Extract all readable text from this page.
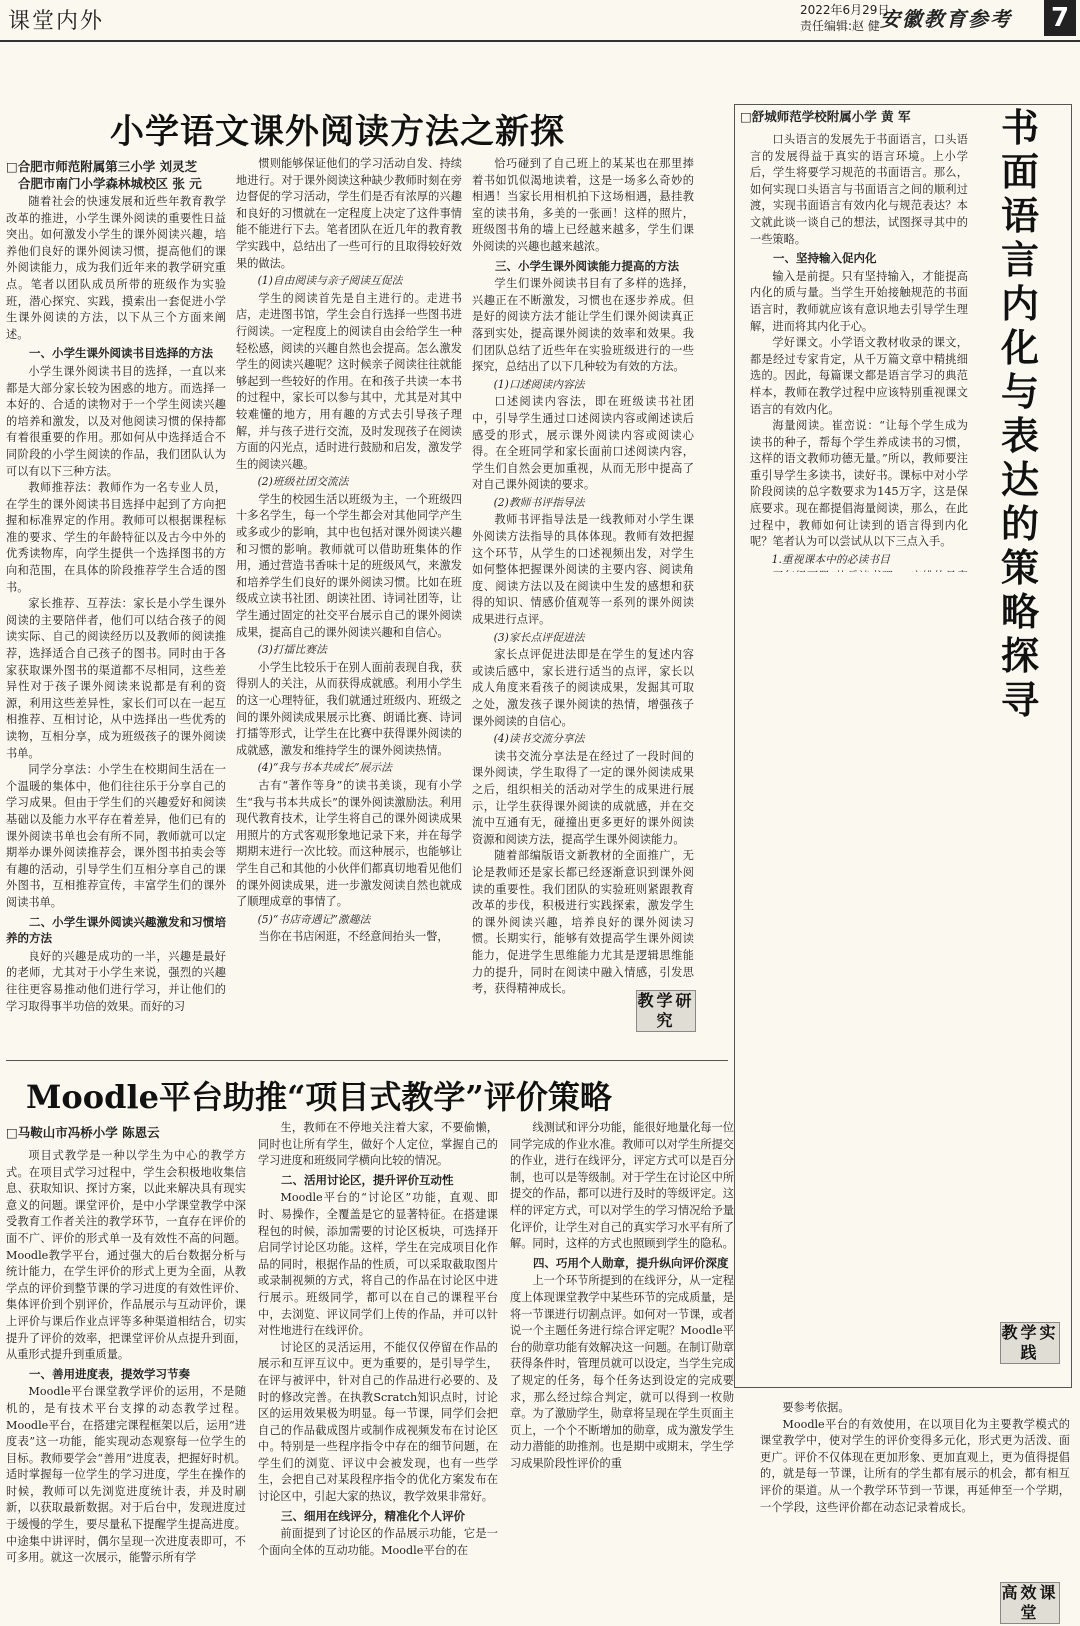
课堂内外	2022年6月29日
责任编辑:赵 健 安徽教育参考 7
小学语文课外阅读方法之新探
□合肥市师范附属第三小学 刘灵芝
合肥市南门小学森林城校区 张 元

随着社会的快速发展和近些年教育教学改革的推进，小学生课外阅读的重要性日益突出。如何激发小学生的课外阅读兴趣，培养他们良好的课外阅读习惯，提高他们的课外阅读能力，成为我们近年来的教学研究重点。笔者以团队成员所带的班级作为实验班，潜心探究、实践，摸索出一套促进小学生课外阅读的方法，以下从三个方面来阐述。

一、小学生课外阅读书目选择的方法

小学生课外阅读书目的选择，一直以来都是大部分家长较为困惑的地方。而选择一本好的、合适的读物对于一个学生阅读兴趣的培养和激发，以及对他阅读习惯的保持都有着很重要的作用。那如何从中选择适合不同阶段的小学生阅读的作品，我们团队认为可以有以下三种方法。

教师推荐法：教师作为一名专业人员，在学生的课外阅读书目选择中起到了方向把握和标准界定的作用。教师可以根据课程标准的要求、学生的年龄特征以及古今中外的优秀读物库，向学生提供一个选择图书的方向和范围，在具体的阶段推荐学生合适的图书。

家长推荐、互荐法：家长是小学生课外阅读的主要陪伴者，他们可以结合孩子的阅读实际、自己的阅读经历以及教师的阅读推荐，选择适合自己孩子的图书。同时由于各家获取课外图书的渠道都不尽相同，这些差异性对于孩子课外阅读来说都是有利的资源，利用这些差异性，家长们可以在一起互相推荐、互相讨论，从中选择出一些优秀的读物，互相分享，成为班级孩子的课外阅读书单。

同学分享法：小学生在校期间生活在一个温暖的集体中，他们往往乐于分享自己的学习成果。但由于学生们的兴趣爱好和阅读基础以及能力水平存在着差异，他们已有的课外阅读书单也会有所不同，教师就可以定期举办课外阅读推荐会，课外图书拍卖会等有趣的活动，引导学生们互相分享自己的课外图书，互相推荐宣传，丰富学生们的课外阅读书单。

二、小学生课外阅读兴趣激发和习惯培养的方法

良好的兴趣是成功的一半，兴趣是最好的老师，尤其对于小学生来说，强烈的兴趣往往更容易推动他们进行学习，并让他们的学习取得事半功倍的效果。而好的习

惯则能够保证他们的学习活动自发、持续地进行。对于课外阅读这种缺少教师时刻在旁边督促的学习活动，学生们是否有浓厚的兴趣和良好的习惯就在一定程度上决定了这件事情能不能进行下去。笔者团队在近几年的教育教学实践中，总结出了一些可行的且取得较好效果的做法。

(1)自由阅读与亲子阅读互促法

学生的阅读首先是自主进行的。走进书店，走进图书馆，学生会自行选择一些图书进行阅读。一定程度上的阅读自由会给学生一种轻松感，阅读的兴趣自然也会提高。怎么激发学生的阅读兴趣呢？这时候亲子阅读往往就能够起到一些较好的作用。在和孩子共读一本书的过程中，家长可以参与其中，尤其是对其中较难懂的地方，用有趣的方式去引导孩子理解，并与孩子进行交流，及时发现孩子在阅读方面的闪光点，适时进行鼓励和启发，激发学生的阅读兴趣。

(2)班级社团交流法

学生的校园生活以班级为主，一个班级四十多名学生，每一个学生都会对其他同学产生或多或少的影响，其中也包括对课外阅读兴趣和习惯的影响。教师就可以借助班集体的作用，通过营造书香味十足的班级风气，来激发和培养学生们良好的课外阅读习惯。比如在班级成立读书社团、朗读社团、诗词社团等，让学生通过固定的社交平台展示自己的课外阅读成果，提高自己的课外阅读兴趣和自信心。

(3)打擂比赛法

小学生比较乐于在别人面前表现自我，获得别人的关注，从而获得成就感。利用小学生的这一心理特征，我们就通过班级内、班级之间的课外阅读成果展示比赛、朗诵比赛、诗词打擂等形式，让学生在比赛中获得课外阅读的成就感，激发和维持学生的课外阅读热情。

(4)“我与书本共成长”展示法

古有“著作等身”的读书美谈，现有小学生“我与书本共成长”的课外阅读激励法。利用现代教育技术，让学生将自己的课外阅读成果用照片的方式客观形象地记录下来，并在每学期期末进行一次比较。而这种展示，也能够让学生自己和其他的小伙伴们都真切地看见他们的课外阅读成果，进一步激发阅读自然也就成了顺理成章的事情了。

(5)“书店奇遇记”激趣法

当你在书店闲逛，不经意间抬头一瞥，

恰巧碰到了自己班上的某某也在那里捧着书如饥似渴地读着，这是一场多么奇妙的相遇！当家长用相机拍下这场相遇，悬挂教室的读书角，多美的一张画！这样的照片，班级图书角的墙上已经越来越多，学生们课外阅读的兴趣也越来越浓。

三、小学生课外阅读能力提高的方法

学生们课外阅读书目有了多样的选择，兴趣正在不断激发，习惯也在逐步养成。但是好的阅读方法才能让学生们课外阅读真正落到实处，提高课外阅读的效率和效果。我们团队总结了近些年在实验班级进行的一些探究，总结出了以下几种较为有效的方法。

(1)口述阅读内容法

口述阅读内容法，即在班级读书社团中，引导学生通过口述阅读内容或阐述读后感受的形式，展示课外阅读内容或阅读心得。在全班同学和家长面前口述阅读内容，学生们自然会更加重视，从而无形中提高了对自己课外阅读的要求。

(2)教师书评指导法

教师书评指导法是一线教师对小学生课外阅读方法指导的具体体现。教师有效把握这个环节，从学生的口述视频出发，对学生如何整体把握课外阅读的主要内容、阅读角度、阅读方法以及在阅读中生发的感想和获得的知识、情感价值观等一系列的课外阅读成果进行点评。

(3)家长点评促进法

家长点评促进法即是在学生的复述内容或读后感中，家长进行适当的点评，家长以成人角度来看孩子的阅读成果，发掘其可取之处，激发孩子课外阅读的热情，增强孩子课外阅读的自信心。

(4)读书交流分享法

读书交流分享法是在经过了一段时间的课外阅读，学生取得了一定的课外阅读成果之后，组织相关的活动对学生的成果进行展示，让学生获得课外阅读的成就感，并在交流中互通有无，碰撞出更多更好的课外阅读资源和阅读方法，提高学生课外阅读能力。

随着部编版语文新教材的全面推广，无论是教师还是家长都已经逐渐意识到课外阅读的重要性。我们团队的实验班则紧跟教育改革的步伐，积极进行实践探索，激发学生的课外阅读兴趣，培养良好的课外阅读习惯。长期实行，能够有效提高学生课外阅读能力，促进学生思维能力尤其是逻辑思维能力的提升，同时在阅读中融入情感，引发思考，获得精神成长。

教学研究
□舒城师范学校附属小学 黄 军 书面语言内化与表达的策略探寻

口头语言的发展先于书面语言，口头语言的发展得益于真实的语言环境。上小学后，学生将要学习规范的书面语言。那么，如何实现口头语言与书面语言之间的顺利过渡，实现书面语言有效内化与规范表达？本文就此谈一谈自己的想法，试图探寻其中的一些策略。

一、坚持输入促内化

输入是前提。只有坚持输入，才能提高内化的质与量。当学生开始接触规范的书面语言时，教师就应该有意识地去引导学生理解，进而将其内化于心。

学好课文。小学语文教材收录的课文，都是经过专家肯定，从千万篇文章中精挑细选的。因此，每篇课文都是语言学习的典范样本，教师在教学过程中应该特别重视课文语言的有效内化。

海量阅读。崔峦说：“让每个学生成为读书的种子，帮每个学生养成读书的习惯，这样的语文教师功德无量。”所以，教师要注重引导学生多读书，读好书。课标中对小学阶段阅读的总字数要求为145万字，这是保底要求。现在都提倡海量阅读，那么，在此过程中，教师如何让读到的语言得到内化呢？笔者认为可以尝试从以下三点入手。

1.重视课本中的必读书目

教学实践
Moodle平台助推“项目式教学”评价策略
□马鞍山市冯桥小学 陈恩云

项目式教学是一种以学生为中心的教学方式。在项目式学习过程中，学生会积极地收集信息、获取知识、探讨方案，以此来解决具有现实意义的问题。课堂评价，是中小学课堂教学中深受教育工作者关注的教学环节，一直存在评价的面不广、评价的形式单一及有效性不高的问题。Moodle教学平台，通过强大的后台数据分析与统计能力，在学生评价的形式上更为全面，从教学点的评价到整节课的学习进度的有效性评价、集体评价到个别评价，作品展示与互动评价，课上评价与课后作业点评等多种渠道相结合，切实提升了评价的效率，把课堂评价从点提升到面，从重形式提升到重质量。

一、善用进度表，提效学习节奏

Moodle平台课堂教学评价的运用，不是随机的，是有技术平台支撑的动态教学过程。Moodle平台，在搭建完课程框架以后，运用“进度表”这一功能，能实现动态观察每一位学生的目标。教师要学会“善用”进度表，把握好时机。适时掌握每一位学生的学习进度，学生在操作的时候，教师可以先浏览进度统计表，并及时刷新，以获取最新数据。对于后台中，发现进度过于缓慢的学生，要尽量私下提醒学生提高进度。中途集中讲评时，偶尔呈现一次进度表即可，不可多用。就这一次展示，能警示所有学

生，教师在不停地关注着大家，不要偷懒，同时也让所有学生，做好个人定位，掌握自己的学习进度和班级同学横向比较的情况。

二、活用讨论区，提升评价互动性

Moodle平台的“讨论区”功能，直观、即时、易操作，全覆盖是它的显著特征。在搭建课程包的时候，添加需要的讨论区板块，可选择开启同学讨论区功能。这样，学生在完成项目化作品的同时，根据作品的性质，可以采取截取图片或录制视频的方式，将自己的作品在讨论区中进行展示。班级同学，都可以在自己的课程平台中，去浏览、评议同学们上传的作品，并可以针对性地进行在线评价。

讨论区的灵活运用，不能仅仅停留在作品的展示和互评互议中。更为重要的，是引导学生，在评与被评中，针对自己的作品进行必要的、及时的修改完善。在执教Scratch知识点时，讨论区的运用效果极为明显。每一节课，同学们会把自己的作品截成图片或制作成视频发布在讨论区中。特别是一些程序指令中存在的细节问题，在学生们的浏览、评议中会被发现，也有一些学生，会把自己对某段程序指令的优化方案发布在讨论区中，引起大家的热议，教学效果非常好。

三、细用在线评分，精准化个人评价

前面提到了讨论区的作品展示功能，它是一个面向全体的互动功能。Moodle平台的在

线测试和评分功能，能很好地量化每一位同学完成的作业水准。教师可以对学生所提交的作业，进行在线评分，评定方式可以是百分制，也可以是等级制。对于学生在讨论区中所提交的作品，都可以进行及时的等级评定。这样的评定方式，可以对学生的学习情况给予量化评价，让学生对自己的真实学习水平有所了解。同时，这样的方式也照顾到学生的隐私。

四、巧用个人勋章，提升纵向评价深度

上一个环节所提到的在线评分，从一定程度上体现课堂教学中某些环节的完成质量，是将一节课进行切割点评。如何对一节课，或者说一个主题任务进行综合评定呢？Moodle平台的勋章功能有效解决这一问题。在制订勋章获得条件时，管理员就可以设定，当学生完成了规定的任务，每个任务达到设定的完成要求，那么经过综合判定，就可以得到一枚勋章。为了激励学生，勋章将呈现在学生页面主页上，一个个不断增加的勋章，成为激发学生动力潜能的助推剂。也是期中或期末，学生学习成果阶段性评价的重

要参考依据。

Moodle平台的有效使用，在以项目化为主要教学模式的课堂教学中，使对学生的评价变得多元化，形式更为活泼、面更广。评价不仅体现在更加形象、更加直观上，更为值得提倡的，就是每一节课，让所有的学生都有展示的机会，都有相互评价的渠道。从一个教学环节到一节课，再延伸至一个学期，一个学段，这些评价都在动态记录着成长。

高效课堂
